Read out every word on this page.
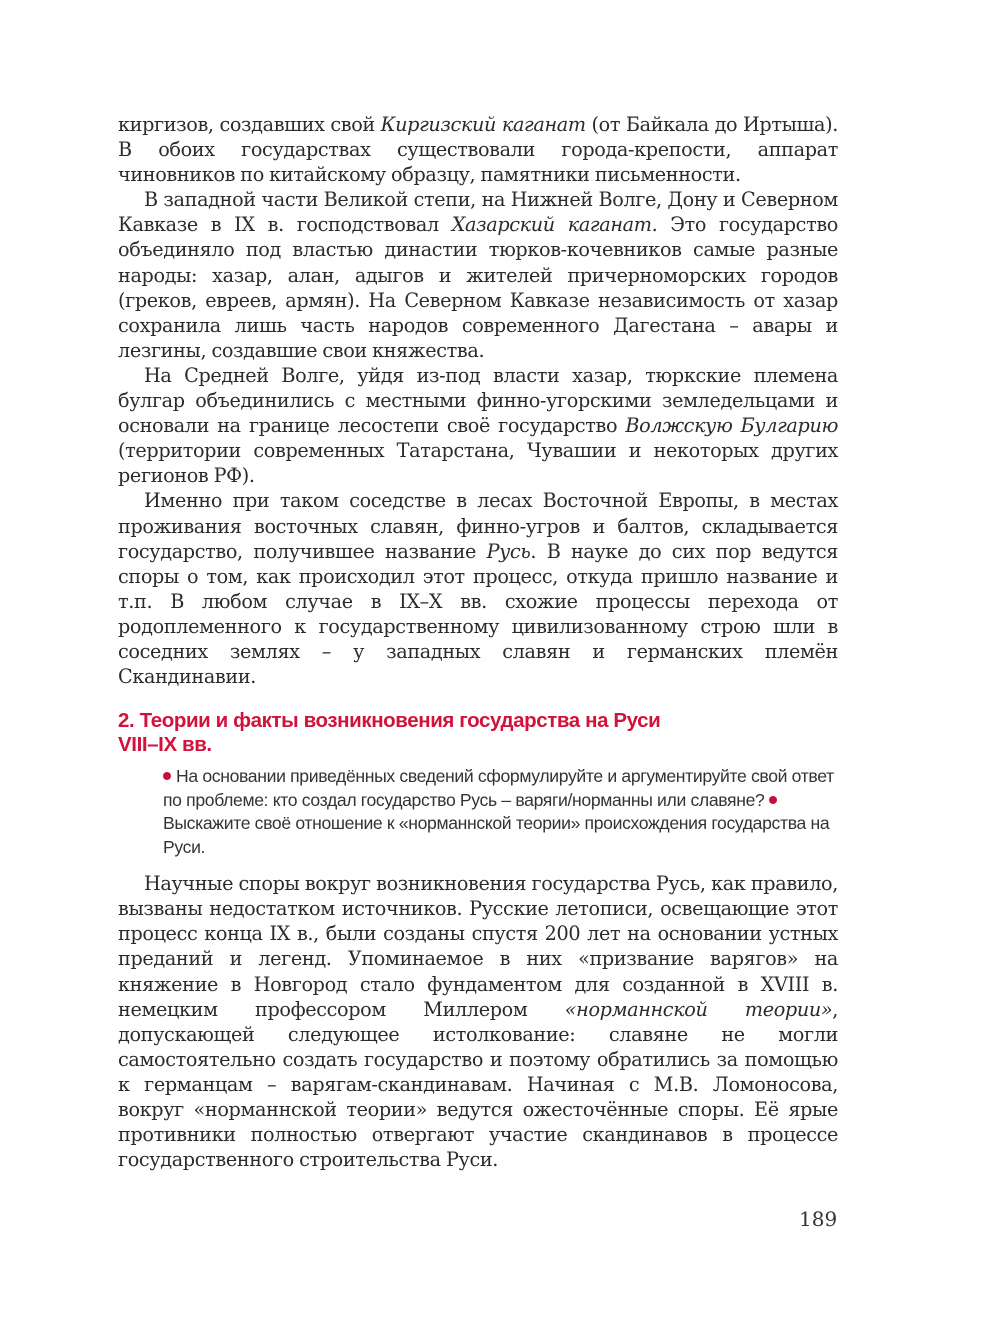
киргизов, создавших свой Киргизский каганат (от Байкала до Иртыша). В обоих государствах существовали города-крепости, аппарат чиновников по китайскому образцу, памятники письменности.

В западной части Великой степи, на Нижней Волге, Дону и Северном Кавказе в IX в. господствовал Хазарский каганат. Это государство объединяло под властью династии тюрков-кочевников самые разные народы: хазар, алан, адыгов и жителей причерноморских городов (греков, евреев, армян). На Северном Кавказе независимость от хазар сохранила лишь часть народов современного Дагестана – авары и лезгины, создавшие свои княжества.

На Средней Волге, уйдя из-под власти хазар, тюркские племена булгар объединились с местными финно-угорскими земледельцами и основали на границе лесостепи своё государство Волжскую Булгарию (территории современных Татарстана, Чувашии и некоторых других регионов РФ).

Именно при таком соседстве в лесах Восточной Европы, в местах проживания восточных славян, финно-угров и балтов, складывается государство, получившее название Русь. В науке до сих пор ведутся споры о том, как происходил этот процесс, откуда пришло название и т.п. В любом случае в IX–X вв. схожие процессы перехода от родоплеменного к государственному цивилизованному строю шли в соседних землях – у западных славян и германских племён Скандинавии.

2. Теории и факты возникновения государства на Руси
VIII–IX вв.
На основании приведённых сведений сформулируйте и аргументируйте свой ответ по проблеме: кто создал государство Русь – варяги/норманны или славяне? Выскажите своё отношение к «норманнской теории» происхождения государства на Руси.

Научные споры вокруг возникновения государства Русь, как правило, вызваны недостатком источников. Русские летописи, освещающие этот процесс конца IX в., были созданы спустя 200 лет на основании устных преданий и легенд. Упоминаемое в них «призвание варягов» на княжение в Новгород стало фундаментом для созданной в XVIII в. немецким профессором Миллером «норманнской теории», допускающей следующее истолкование: славяне не могли самостоятельно создать государство и поэтому обратились за помощью к германцам – варягам-скандинавам. Начиная с М.В. Ломоносова, вокруг «норманнской теории» ведутся ожесточённые споры. Её ярые противники полностью отвергают участие скандинавов в процессе государственного строительства Руси.

189
